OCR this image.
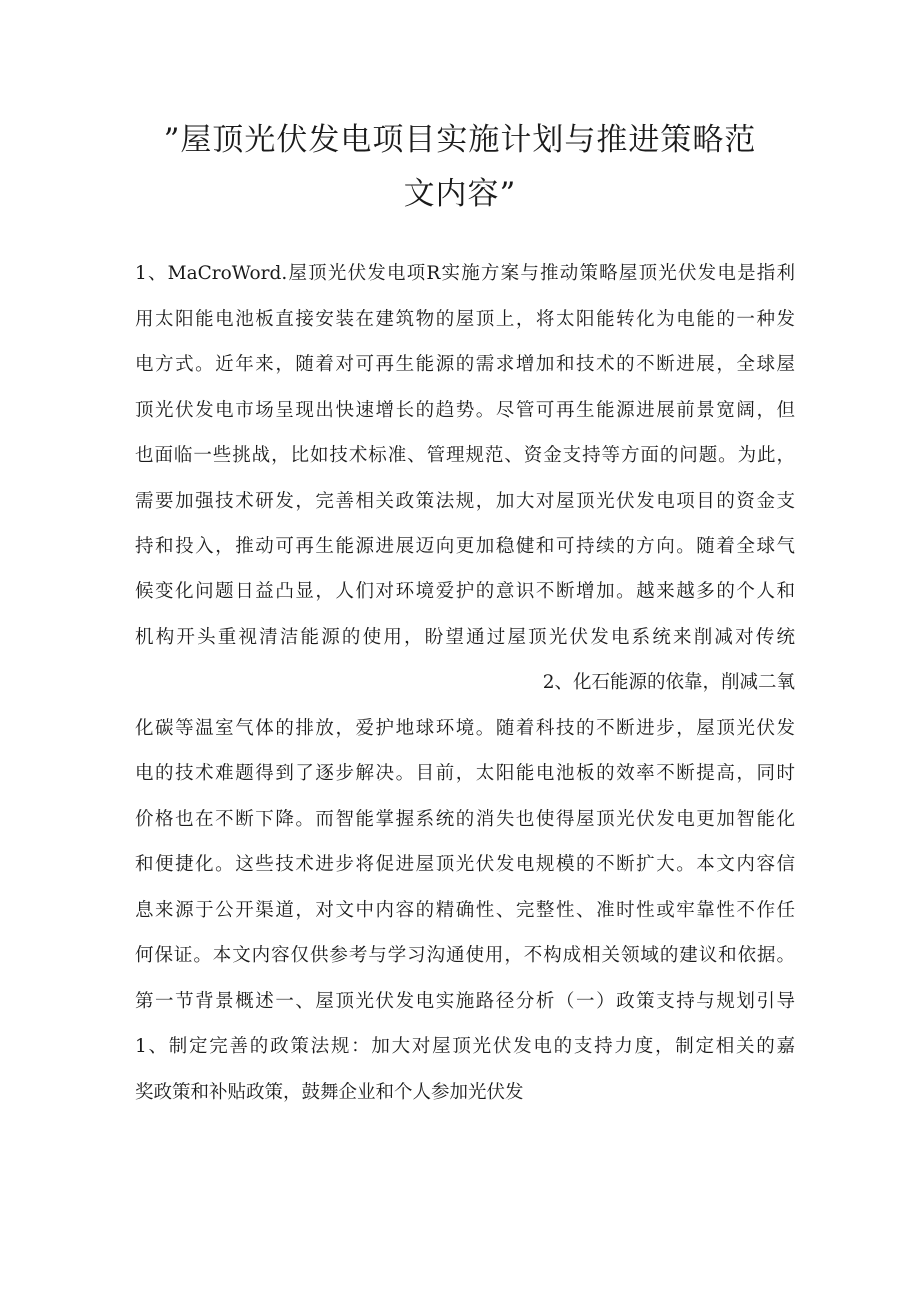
”屋顶光伏发电项目实施计划与推进策略范
文内容”
1、MaCroWord.屋顶光伏发电项R实施方案与推动策略屋顶光伏发电是指利
用太阳能电池板直接安装在建筑物的屋顶上，将太阳能转化为电能的一种发
电方式。近年来，随着对可再生能源的需求增加和技术的不断进展，全球屋
顶光伏发电市场呈现出快速增长的趋势。尽管可再生能源进展前景宽阔，但
也面临一些挑战，比如技术标准、管理规范、资金支持等方面的问题。为此，
需要加强技术研发，完善相关政策法规，加大对屋顶光伏发电项目的资金支
持和投入，推动可再生能源进展迈向更加稳健和可持续的方向。随着全球气
候变化问题日益凸显，人们对环境爱护的意识不断增加。越来越多的个人和
机构开头重视清洁能源的使用，盼望通过屋顶光伏发电系统来削减对传统
2、化石能源的依靠，削减二氧
化碳等温室气体的排放，爱护地球环境。随着科技的不断进步，屋顶光伏发
电的技术难题得到了逐步解决。目前，太阳能电池板的效率不断提高，同时
价格也在不断下降。而智能掌握系统的消失也使得屋顶光伏发电更加智能化
和便捷化。这些技术进步将促进屋顶光伏发电规模的不断扩大。本文内容信
息来源于公开渠道，对文中内容的精确性、完整性、准时性或牢靠性不作任
何保证。本文内容仅供参考与学习沟通使用，不构成相关领域的建议和依据。
第一节背景概述一、屋顶光伏发电实施路径分析（一）政策支持与规划引导
1、制定完善的政策法规：加大对屋顶光伏发电的支持力度，制定相关的嘉
奖政策和补贴政策，鼓舞企业和个人参加光伏发
